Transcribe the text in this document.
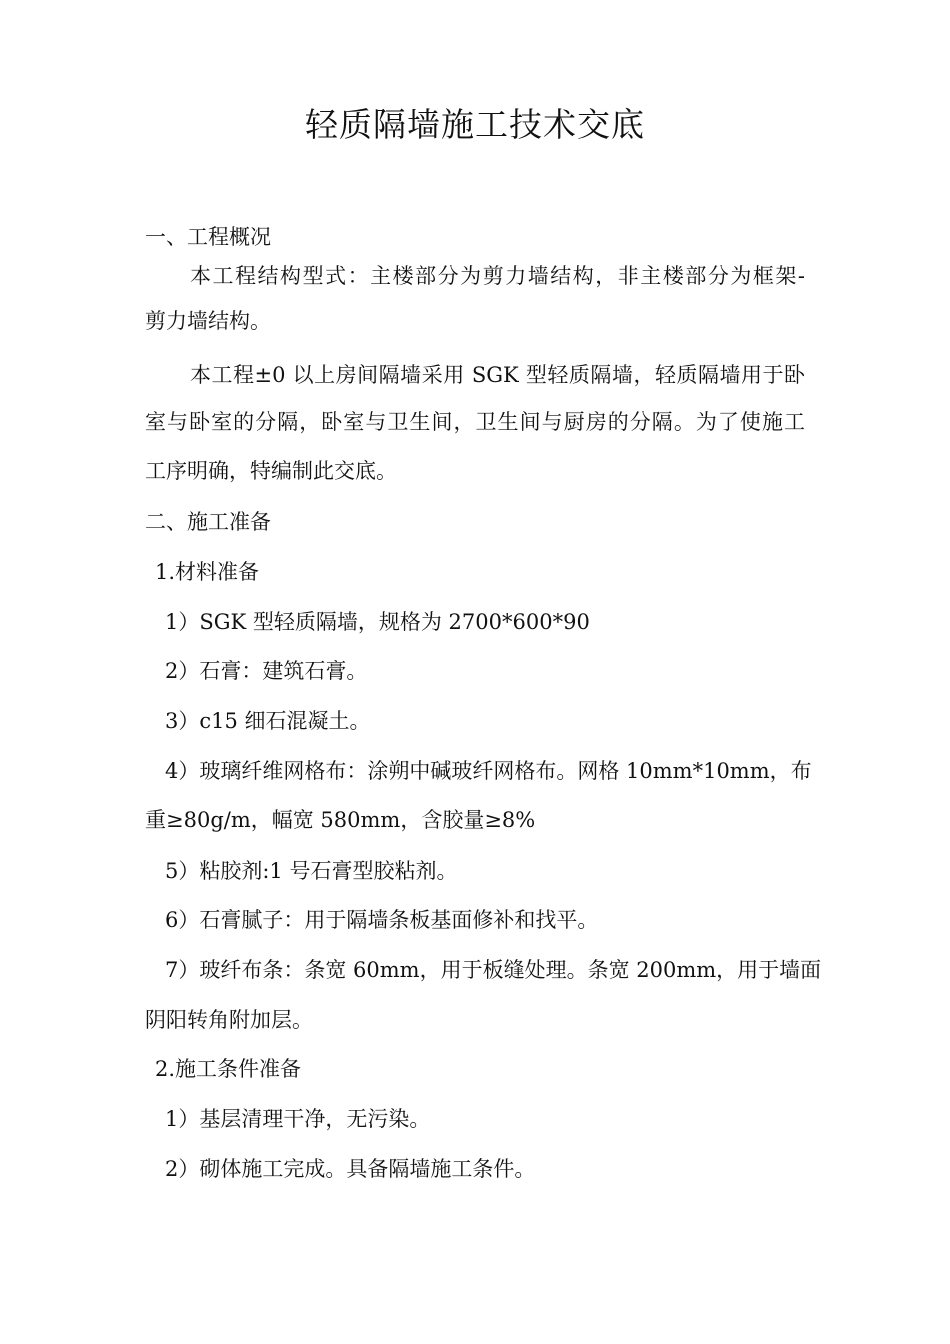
轻质隔墙施工技术交底
一、工程概况
本工程结构型式：主楼部分为剪力墙结构，非主楼部分为框架-
剪力墙结构。
本工程±0 以上房间隔墙采用 SGK 型轻质隔墙，轻质隔墙用于卧
室与卧室的分隔，卧室与卫生间，卫生间与厨房的分隔。为了使施工
工序明确，特编制此交底。
二、施工准备
1.材料准备
1）SGK 型轻质隔墙，规格为 2700*600*90
2）石膏：建筑石膏。
3）c15 细石混凝土。
4）玻璃纤维网格布：涂朔中碱玻纤网格布。网格 10mm*10mm，布
重≥80g/m，幅宽 580mm，含胶量≥8%
5）粘胶剂:1 号石膏型胶粘剂。
6）石膏腻子：用于隔墙条板基面修补和找平。
7）玻纤布条：条宽 60mm，用于板缝处理。条宽 200mm，用于墙面
阴阳转角附加层。
2.施工条件准备
1）基层清理干净，无污染。
2）砌体施工完成。具备隔墙施工条件。
